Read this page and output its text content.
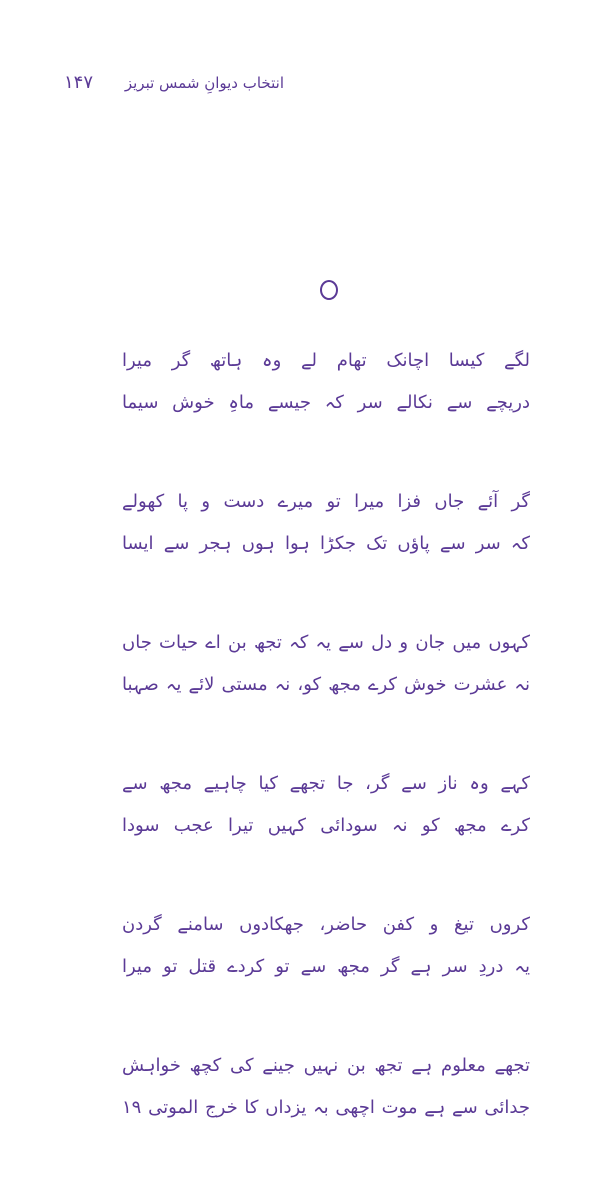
۱۴۷ انتخاب دیوانِ شمس تبریز
لگے کیسا اچانک تھام لے وہ ہاتھ گر میرا
دریچے سے نکالے سر کہ جیسے ماہِ خوش سیما
گر آئے جاں فزا میرا تو میرے دست و پا کھولے
کہ سر سے پاؤں تک جکڑا ہوا ہوں ہجر سے ایسا
کہوں میں جان و دل سے یہ کہ تجھ بن اے حیات جاں
نہ عشرت خوش کرے مجھ کو، نہ مستی لائے یہ صہبا
کہے وہ ناز سے گر، جا تجھے کیا چاہیے مجھ سے
کرے مجھ کو نہ سودائی کہیں تیرا عجب سودا
کروں تیغ و کفن حاضر، جھکادوں سامنے گردن
یہ دردِ سر ہے گر مجھ سے تو کردے قتل تو میرا
تجھے معلوم ہے تجھ بن نہیں جینے کی کچھ خواہش
جدائی سے ہے موت اچھی بہ یزداں کا خرج الموتی ۱۹
